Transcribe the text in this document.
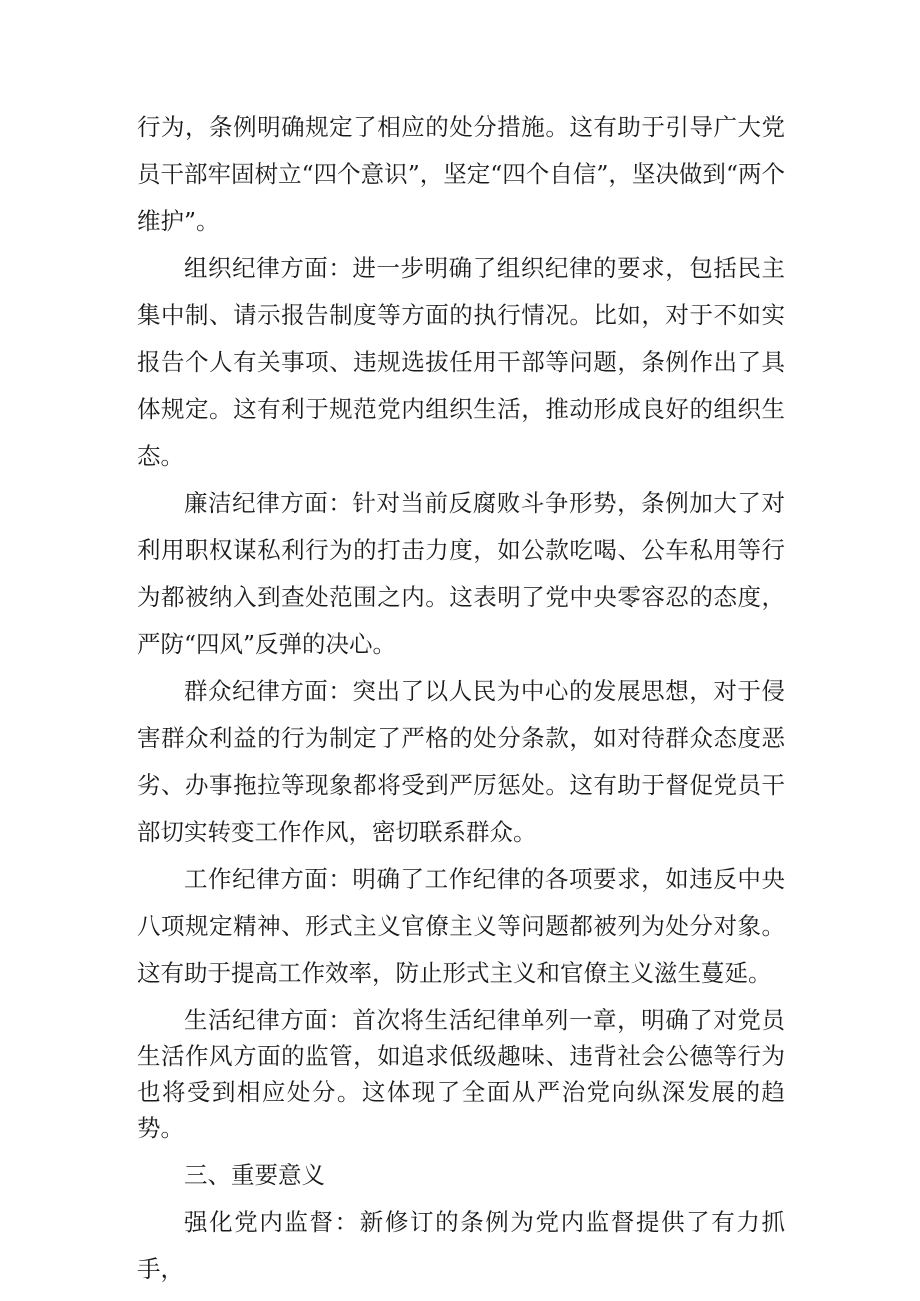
行为，条例明确规定了相应的处分措施。这有助于引导广大党员干部牢固树立“四个意识”，坚定“四个自信”，坚决做到“两个维护”。

组织纪律方面：进一步明确了组织纪律的要求，包括民主集中制、请示报告制度等方面的执行情况。比如，对于不如实报告个人有关事项、违规选拔任用干部等问题，条例作出了具体规定。这有利于规范党内组织生活，推动形成良好的组织生态。

廉洁纪律方面：针对当前反腐败斗争形势，条例加大了对利用职权谋私利行为的打击力度，如公款吃喝、公车私用等行为都被纳入到查处范围之内。这表明了党中央零容忍的态度，严防“四风”反弹的决心。

群众纪律方面：突出了以人民为中心的发展思想，对于侵害群众利益的行为制定了严格的处分条款，如对待群众态度恶劣、办事拖拉等现象都将受到严厉惩处。这有助于督促党员干部切实转变工作作风，密切联系群众。

工作纪律方面：明确了工作纪律的各项要求，如违反中央八项规定精神、形式主义官僚主义等问题都被列为处分对象。这有助于提高工作效率，防止形式主义和官僚主义滋生蔓延。

生活纪律方面：首次将生活纪律单列一章，明确了对党员生活作风方面的监管，如追求低级趣味、违背社会公德等行为也将受到相应处分。这体现了全面从严治党向纵深发展的趋势。

三、重要意义

强化党内监督：新修订的条例为党内监督提供了有力抓手，
